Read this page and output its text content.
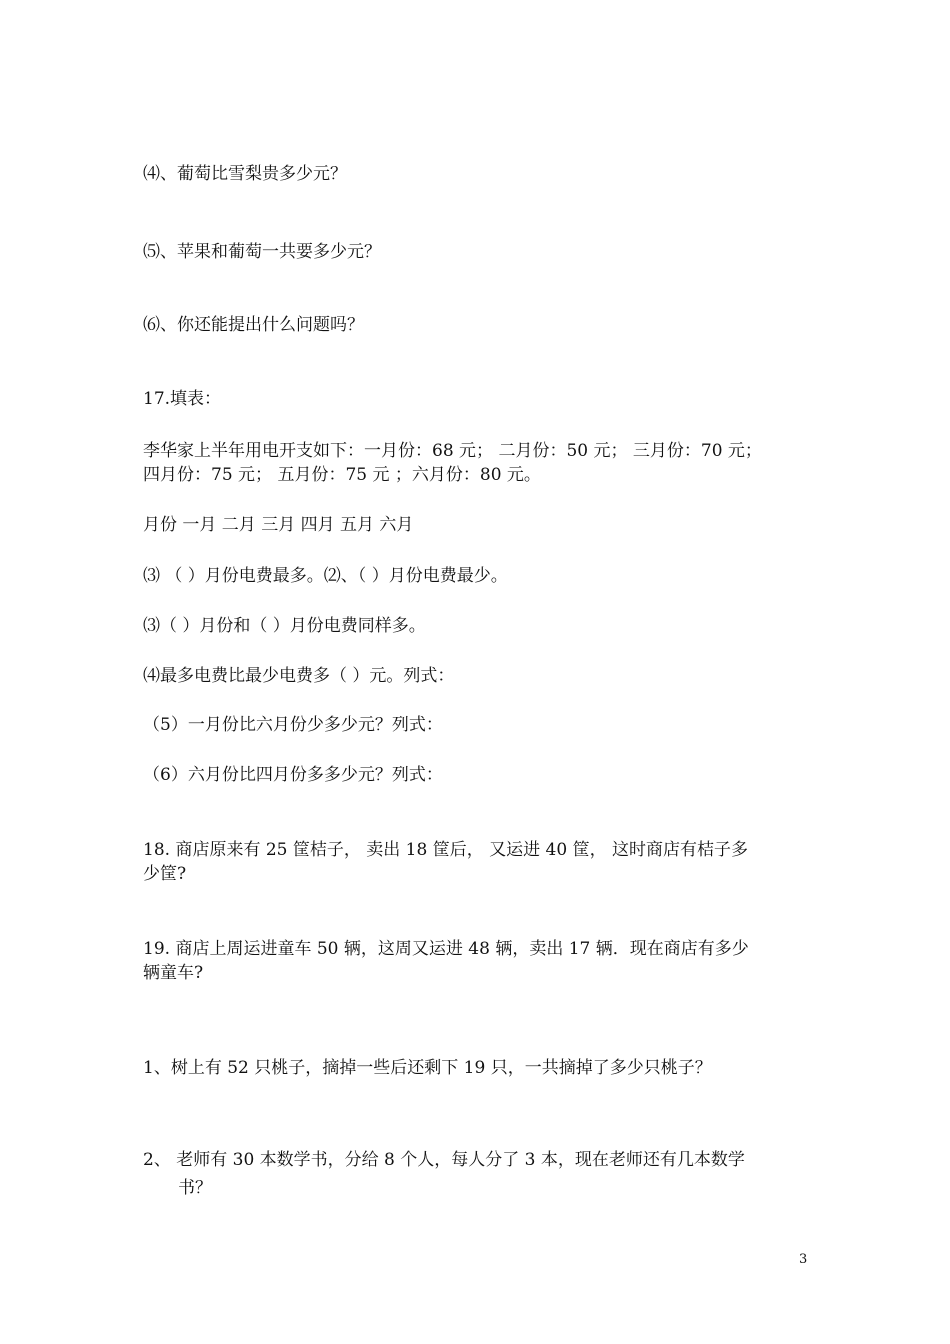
⑷、葡萄比雪梨贵多少元？

⑸、苹果和葡萄一共要多少元？

⑹、你还能提出什么问题吗？

17.填表：

李华家上半年用电开支如下：一月份：68 元； 二月份：50 元； 三月份：70 元；

四月份：75 元； 五月份：75 元 ；六月份：80 元。

月份 一月 二月 三月 四月 五月 六月

⑶ （ ）月份电费最多。⑵、（ ）月份电费最少。

⑶（ ）月份和（ ）月份电费同样多。

⑷最多电费比最少电费多（ ）元。列式：

（5）一月份比六月份少多少元？列式：

（6）六月份比四月份多多少元？列式：

18. 商店原来有 25 筐桔子， 卖出 18 筐后， 又运进 40 筐， 这时商店有桔子多

少筐?

19. 商店上周运进童车 50 辆，这周又运进 48 辆，卖出 17 辆．现在商店有多少

辆童车?

1、树上有 52 只桃子，摘掉一些后还剩下 19 只，一共摘掉了多少只桃子？

2、 老师有 30 本数学书，分给 8 个人，每人分了 3 本，现在老师还有几本数学

书？

3
